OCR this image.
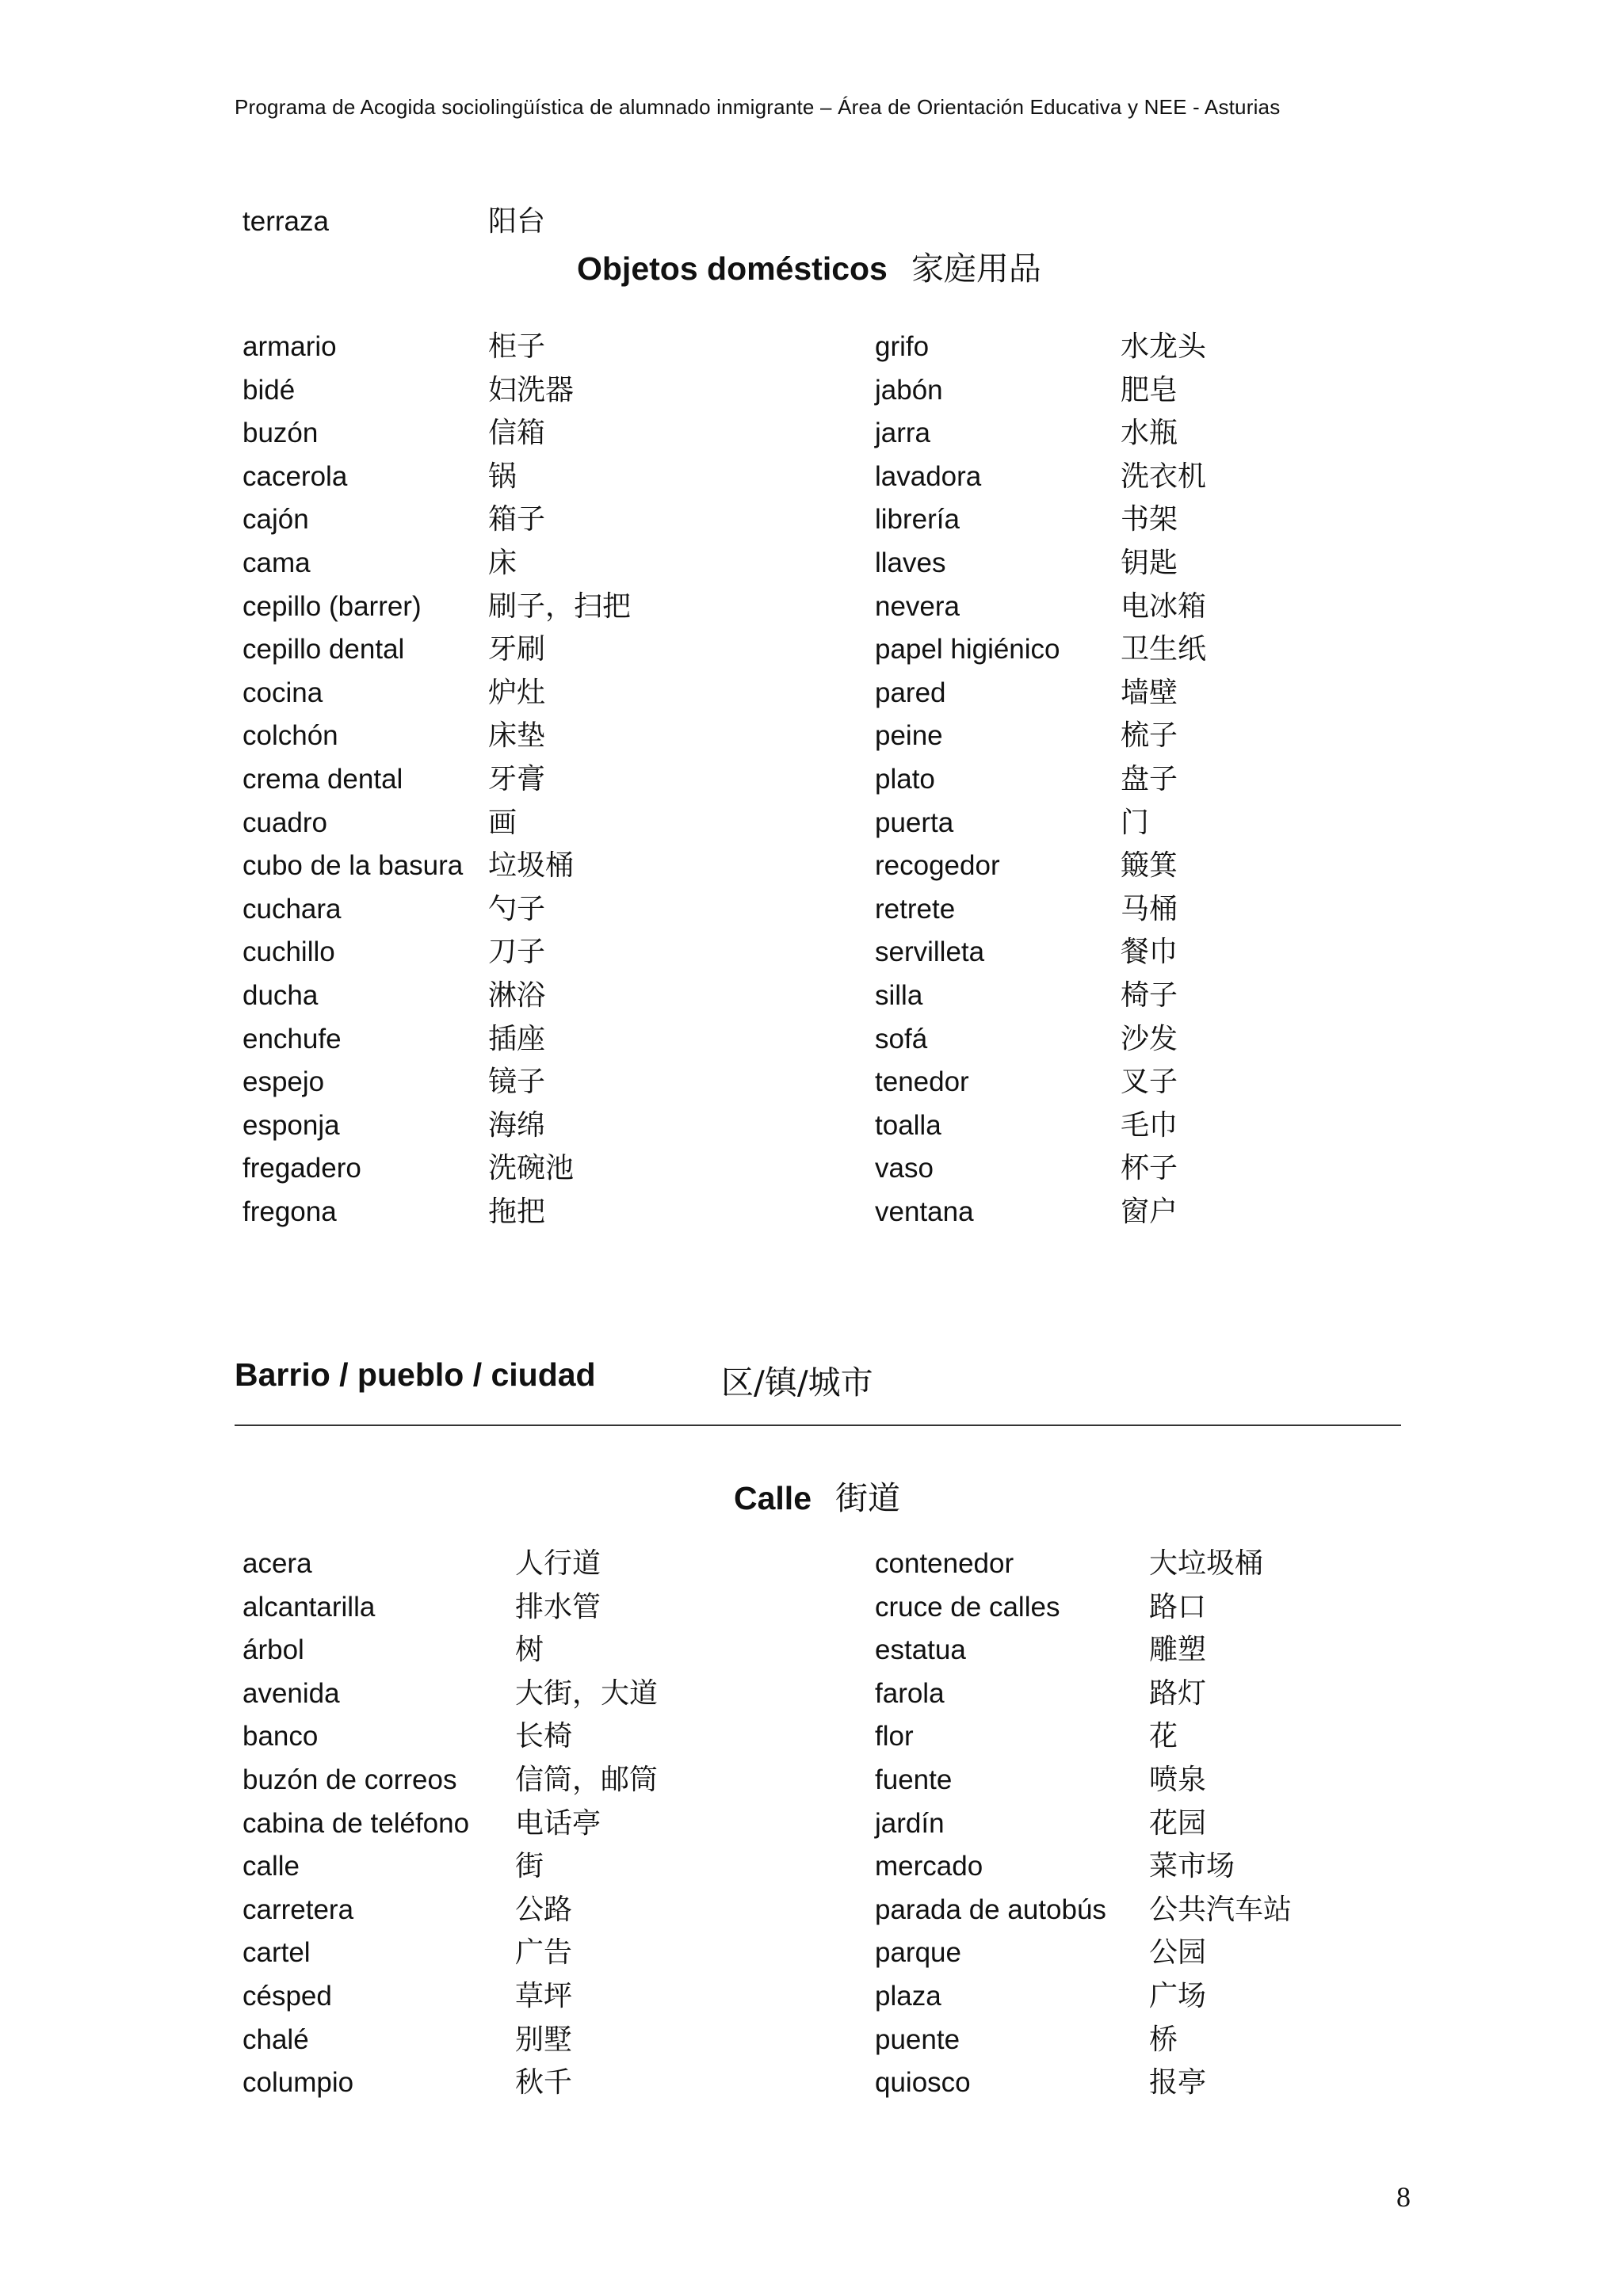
Programa de Acogida sociolingüística de alumnado inmigrante – Área de Orientación Educativa y NEE - Asturias
terraza	阳台
Objetos domésticos 家庭用品
armario	柜子
bidé	妇洗器
buzón	信箱
cacerola	锅
cajón	箱子
cama	床
cepillo (barrer) 刷子，扫把
cepillo dental	牙刷
cocina	炉灶
colchón	床垫
crema dental	牙膏
cuadro	画
cubo de la basura 垃圾桶
cuchara	勺子
cuchillo	刀子
ducha	淋浴
enchufe	插座
espejo	镜子
esponja	海绵
fregadero	洗碗池
fregona	拖把
grifo	水龙头
jabón	肥皂
jarra	水瓶
lavadora	洗衣机
librería	书架
llaves	钥匙
nevera	电冰箱
papel higiénico 卫生纸
pared	墙壁
peine	梳子
plato	盘子
puerta	门
recogedor	簸箕
retrete	马桶
servilleta	餐巾
silla	椅子
sofá	沙发
tenedor	叉子
toalla	毛巾
vaso	杯子
ventana	窗户
Barrio / pueblo / ciudad	区/镇/城市
Calle 街道
acera	人行道
alcantarilla	排水管
árbol	树
avenida	大街，大道
banco	长椅
buzón de correos 信筒，邮筒
cabina de teléfono 电话亭
calle	街
carretera	公路
cartel	广告
césped	草坪
chalé	别墅
columpio	秋千
contenedor	大垃圾桶
cruce de calles	路口
estatua	雕塑
farola	路灯
flor	花
fuente	喷泉
jardín	花园
mercado	菜市场
parada de autobús 公共汽车站
parque	公园
plaza	广场
puente	桥
quiosco	报亭
8
